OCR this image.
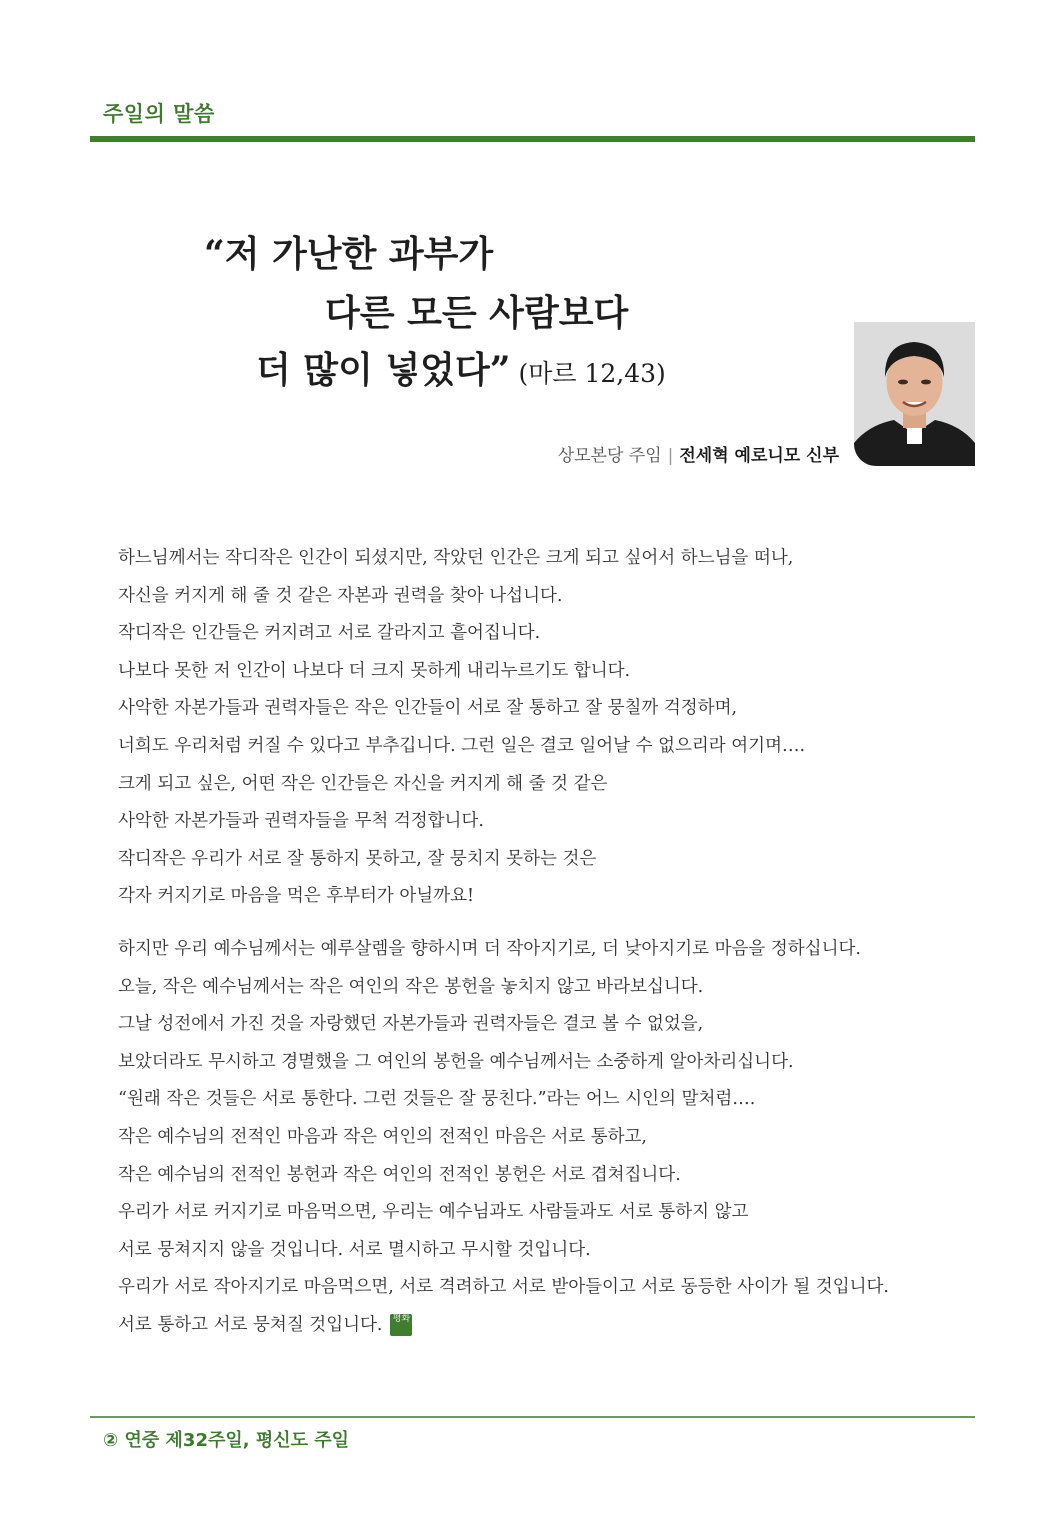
주일의 말씀
“저 가난한 과부가
다른 모든 사람보다
더 많이 넣었다” (마르 12,43)
상모본당 주임 | 전세혁 예로니모 신부
하느님께서는 작디작은 인간이 되셨지만, 작았던 인간은 크게 되고 싶어서 하느님을 떠나,
자신을 커지게 해 줄 것 같은 자본과 권력을 찾아 나섭니다.
작디작은 인간들은 커지려고 서로 갈라지고 흩어집니다.
나보다 못한 저 인간이 나보다 더 크지 못하게 내리누르기도 합니다.
사악한 자본가들과 권력자들은 작은 인간들이 서로 잘 통하고 잘 뭉칠까 걱정하며,
너희도 우리처럼 커질 수 있다고 부추깁니다. 그런 일은 결코 일어날 수 없으리라 여기며….
크게 되고 싶은, 어떤 작은 인간들은 자신을 커지게 해 줄 것 같은
사악한 자본가들과 권력자들을 무척 걱정합니다.
작디작은 우리가 서로 잘 통하지 못하고, 잘 뭉치지 못하는 것은
각자 커지기로 마음을 먹은 후부터가 아닐까요!
하지만 우리 예수님께서는 예루살렘을 향하시며 더 작아지기로, 더 낮아지기로 마음을 정하십니다.
오늘, 작은 예수님께서는 작은 여인의 작은 봉헌을 놓치지 않고 바라보십니다.
그날 성전에서 가진 것을 자랑했던 자본가들과 권력자들은 결코 볼 수 없었을,
보았더라도 무시하고 경멸했을 그 여인의 봉헌을 예수님께서는 소중하게 알아차리십니다.
“원래 작은 것들은 서로 통한다. 그런 것들은 잘 뭉친다.”라는 어느 시인의 말처럼….
작은 예수님의 전적인 마음과 작은 여인의 전적인 마음은 서로 통하고,
작은 예수님의 전적인 봉헌과 작은 여인의 전적인 봉헌은 서로 겹쳐집니다.
우리가 서로 커지기로 마음먹으면, 우리는 예수님과도 사람들과도 서로 통하지 않고
서로 뭉쳐지지 않을 것입니다. 서로 멸시하고 무시할 것입니다.
우리가 서로 작아지기로 마음먹으면, 서로 격려하고 서로 받아들이고 서로 동등한 사이가 될 것입니다.
서로 통하고 서로 뭉쳐질 것입니다. 평화
② 연중 제32주일, 평신도 주일
